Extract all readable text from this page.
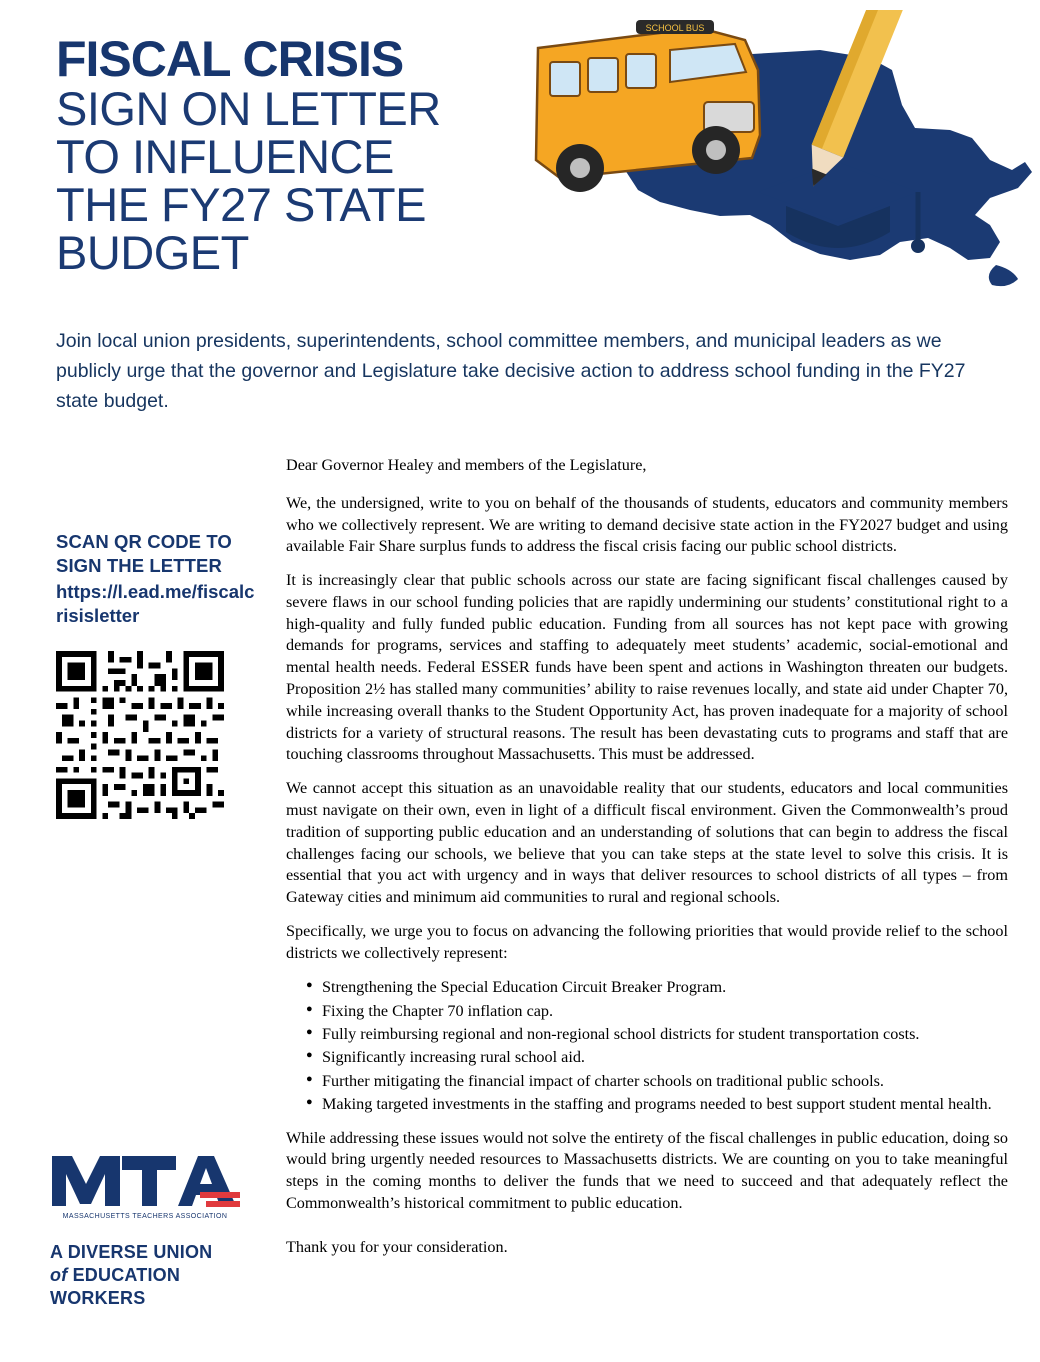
FISCAL CRISIS
SIGN ON LETTER
TO INFLUENCE
THE FY27 STATE
BUDGET
SCHOOL BUS
Join local union presidents, superintendents, school committee members, and municipal leaders as we publicly urge that the governor and Legislature take decisive action to address school funding in the FY27 state budget.
SCAN QR CODE TO SIGN THE LETTER
https://l.ead.me/fiscalcrisisletter
MASSACHUSETTS TEACHERS ASSOCIATION
A DIVERSE UNION
of EDUCATION
WORKERS

Dear Governor Healey and members of the Legislature,

We, the undersigned, write to you on behalf of the thousands of students, educators and community members who we collectively represent. We are writing to demand decisive state action in the FY2027 budget and using available Fair Share surplus funds to address the fiscal crisis facing our public school districts.

It is increasingly clear that public schools across our state are facing significant fiscal challenges caused by severe flaws in our school funding policies that are rapidly undermining our students’ constitutional right to a high-quality and fully funded public education. Funding from all sources has not kept pace with growing demands for programs, services and staffing to adequately meet students’ academic, social-emotional and mental health needs. Federal ESSER funds have been spent and actions in Washington threaten our budgets. Proposition 2½ has stalled many communities’ ability to raise revenues locally, and state aid under Chapter 70, while increasing overall thanks to the Student Opportunity Act, has proven inadequate for a majority of school districts for a variety of structural reasons. The result has been devastating cuts to programs and staff that are touching classrooms throughout Massachusetts. This must be addressed.

We cannot accept this situation as an unavoidable reality that our students, educators and local communities must navigate on their own, even in light of a difficult fiscal environment. Given the Commonwealth’s proud tradition of supporting public education and an understanding of solutions that can begin to address the fiscal challenges facing our schools, we believe that you can take steps at the state level to solve this crisis. It is essential that you act with urgency and in ways that deliver resources to school districts of all types – from Gateway cities and minimum aid communities to rural and regional schools.

Specifically, we urge you to focus on advancing the following priorities that would provide relief to the school districts we collectively represent:

● Strengthening the Special Education Circuit Breaker Program.
● Fixing the Chapter 70 inflation cap.
● Fully reimbursing regional and non-regional school districts for student transportation costs.
● Significantly increasing rural school aid.
● Further mitigating the financial impact of charter schools on traditional public schools.
● Making targeted investments in the staffing and programs needed to best support student mental health.

While addressing these issues would not solve the entirety of the fiscal challenges in public education, doing so would bring urgently needed resources to Massachusetts districts. We are counting on you to take meaningful steps in the coming months to deliver the funds that we need to succeed and that adequately reflect the Commonwealth’s historical commitment to public education.

Thank you for your consideration.
